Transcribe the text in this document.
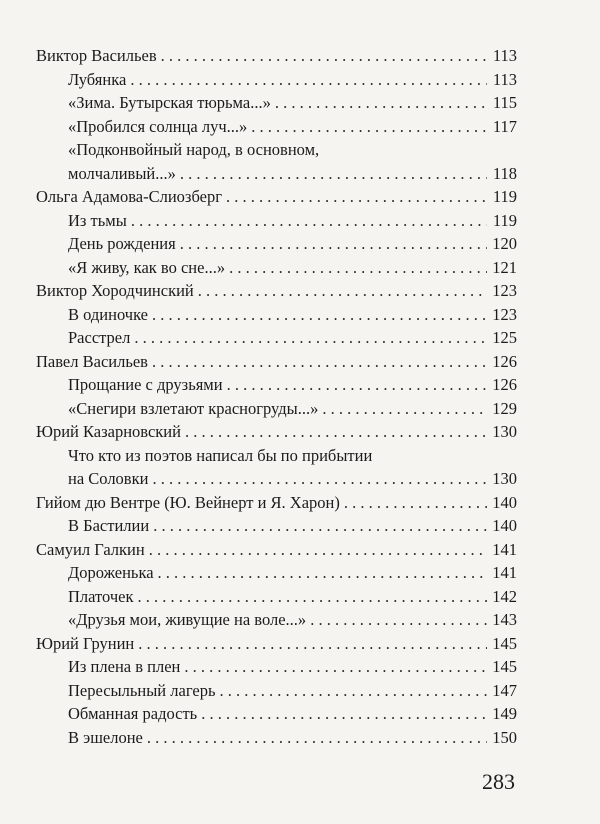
Виктор Васильев . . .	113
Лубянка . . .	113
«Зима. Бутырская тюрьма...» . . .	115
«Пробился солнца луч...» . . .	117
«Подконвойный народ, в основном,
молчаливый...» . . .	118
Ольга Адамова-Слиозберг . . .	119
Из тьмы . . .	119
День рождения . . .	120
«Я живу, как во сне...» . . .	121
Виктор Хородчинский . . .	123
В одиночке . . .	123
Расстрел . . .	125
Павел Васильев . . .	126
Прощание с друзьями . . .	126
«Снегири взлетают красногруды...» . . .	129
Юрий Казарновский . . .	130
Что кто из поэтов написал бы по прибытии
на Соловки . . .	130
Гийом дю Вентре (Ю. Вейнерт и Я. Харон) . . .	140
В Бастилии . . .	140
Самуил Галкин . . .	141
Дороженька . . .	141
Платочек . . .	142
«Друзья мои, живущие на воле...» . . .	143
Юрий Грунин . . .	145
Из плена в плен . . .	145
Пересыльный лагерь . . .	147
Обманная радость . . .	149
В эшелоне . . .	150
283
